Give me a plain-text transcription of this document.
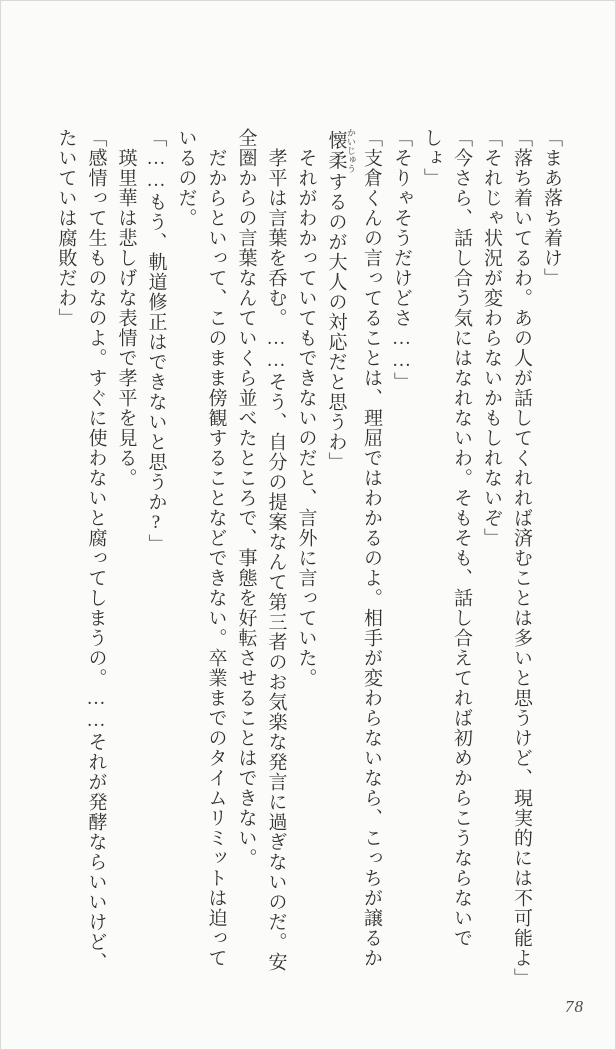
「まあ落ち着け」

「落ち着いてるわ。あの人が話してくれれば済むことは多いと思うけど、現実的には不可能よ」

「それじゃ状況が変わらないかもしれないぞ」

「今さら、話し合う気にはなれないわ。そもそも、話し合えてれば初めからこうならないで

しょ」

「そりゃそうだけどさ……」

「支倉くんの言ってることは、理屈ではわかるのよ。相手が変わらないなら、こっちが譲るか

懐柔 かいじゅうするのが大人の対応だと思うわ」

それがわかっていてもできないのだと、言外に言っていた。

孝平は言葉を呑む。……そう、自分の提案なんて第三者のお気楽な発言に過ぎないのだ。安

全圏からの言葉なんていくら並べたところで、事態を好転させることはできない。

だからといって、このまま傍観することなどできない。卒業までのタイムリミットは迫って

いるのだ。

「……もう、軌道修正はできないと思うか?」

瑛里華は悲しげな表情で孝平を見る。

「感情って生ものなのよ。すぐに使わないと腐ってしまうの。……それが発酵ならいいけど、

たいていは腐敗だわ」

78
